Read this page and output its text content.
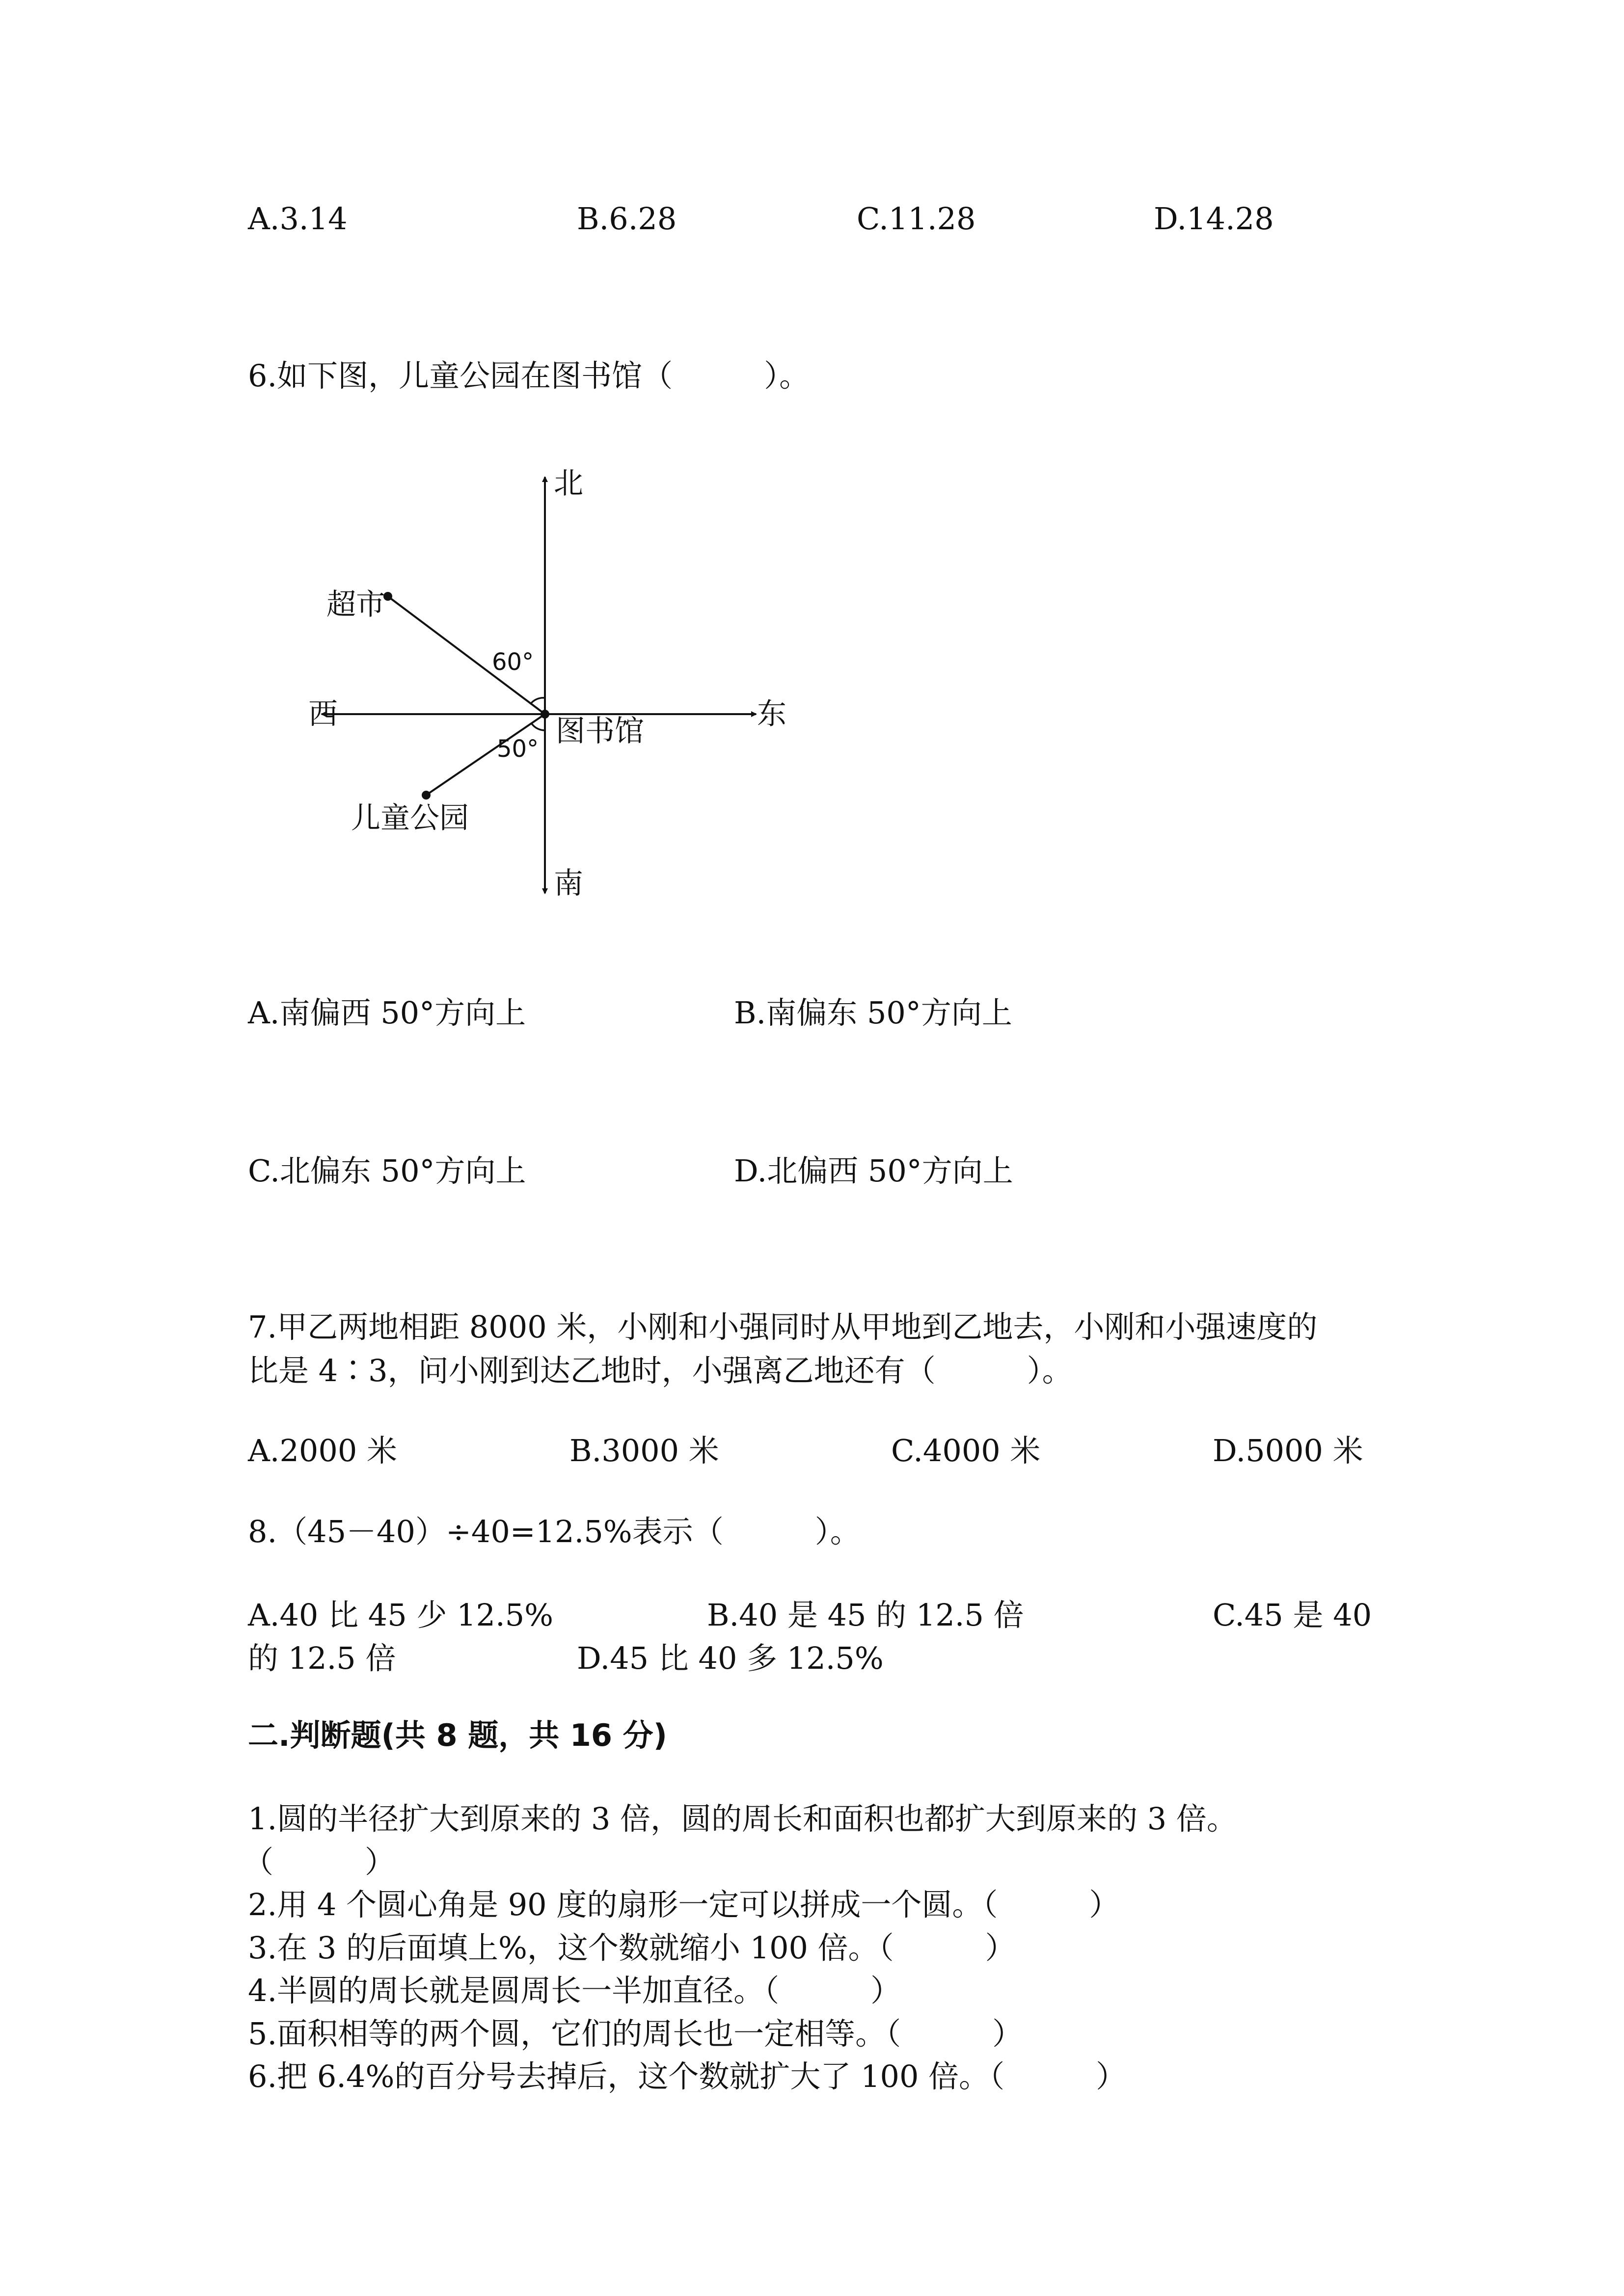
A.3.14	B.6.28	C.11.28	D.14.28
6.如下图，儿童公园在图书馆（　　　）。
北
南
东
西	图书馆
超市
儿童公园
60°
50°
A.南偏西 50°方向上	B.南偏东 50°方向上
C.北偏东 50°方向上	D.北偏西 50°方向上
7.甲乙两地相距 8000 米，小刚和小强同时从甲地到乙地去，小刚和小强速度的
比是 4∶3，问小刚到达乙地时，小强离乙地还有（　　　）。
A.2000 米	B.3000 米	C.4000 米	D.5000 米
8.（45－40）÷40=12.5%表示（　　　）。
A.40 比 45 少 12.5%	B.40 是 45 的 12.5 倍	C.45 是 40
的 12.5 倍	D.45 比 40 多 12.5%
二.判断题(共 8 题，共 16 分)
1.圆的半径扩大到原来的 3 倍，圆的周长和面积也都扩大到原来的 3 倍。
（　　　）
2.用 4 个圆心角是 90 度的扇形一定可以拼成一个圆。（　　　）
3.在 3 的后面填上%，这个数就缩小 100 倍。（　　　）
4.半圆的周长就是圆周长一半加直径。（　　　）
5.面积相等的两个圆，它们的周长也一定相等。（　　　）
6.把 6.4%的百分号去掉后，这个数就扩大了 100 倍。（　　　）
